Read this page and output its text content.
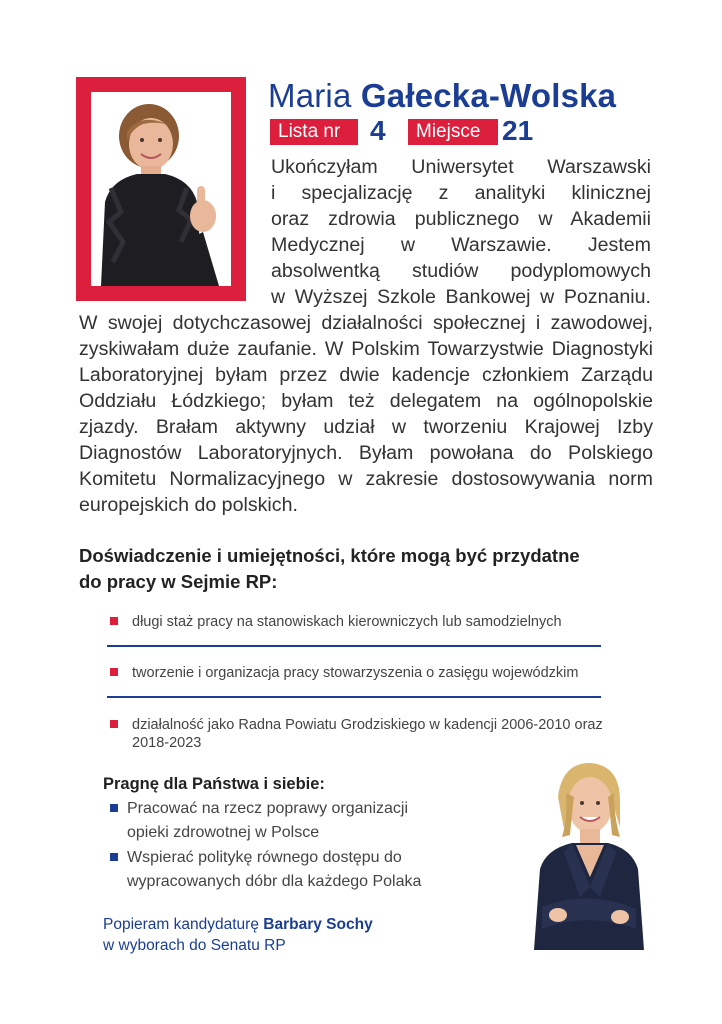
Maria Gałecka-Wolska
Lista nr	4	Miejsce 21
Ukończyłam Uniwersytet Warszawski
i specjalizację z analityki klinicznej
oraz zdrowia publicznego w Akademii
Medycznej w Warszawie. Jestem
absolwentką studiów podyplomowych
w Wyższej Szkole Bankowej w Poznaniu.

W swojej dotychczasowej działalności społecznej i zawodowej, zyskiwałam duże zaufanie. W Polskim Towarzystwie Diagnostyki Laboratoryjnej byłam przez dwie kadencje członkiem Zarządu Oddziału Łódzkiego; byłam też delegatem na ogólnopolskie zjazdy. Brałam aktywny udział w tworzeniu Krajowej Izby Diagnostów Laboratoryjnych. Byłam powołana do Polskiego Komitetu Normalizacyjnego w zakresie dostosowywania norm europejskich do polskich.

Doświadczenie i umiejętności, które mogą być przydatne
do pracy w Sejmie RP:
długi staż pracy na stanowiskach kierowniczych lub samodzielnych
tworzenie i organizacja pracy stowarzyszenia o zasięgu wojewódzkim
działalność jako Radna Powiatu Grodziskiego w kadencji 2006-2010 oraz 2018-2023
Pragnę dla Państwa i siebie:
Pracować na rzecz poprawy organizacji opieki zdrowotnej w Polsce
Wspierać politykę równego dostępu do wypracowanych dóbr dla każdego Polaka
Popieram kandydaturę Barbary Sochy
w wyborach do Senatu RP
